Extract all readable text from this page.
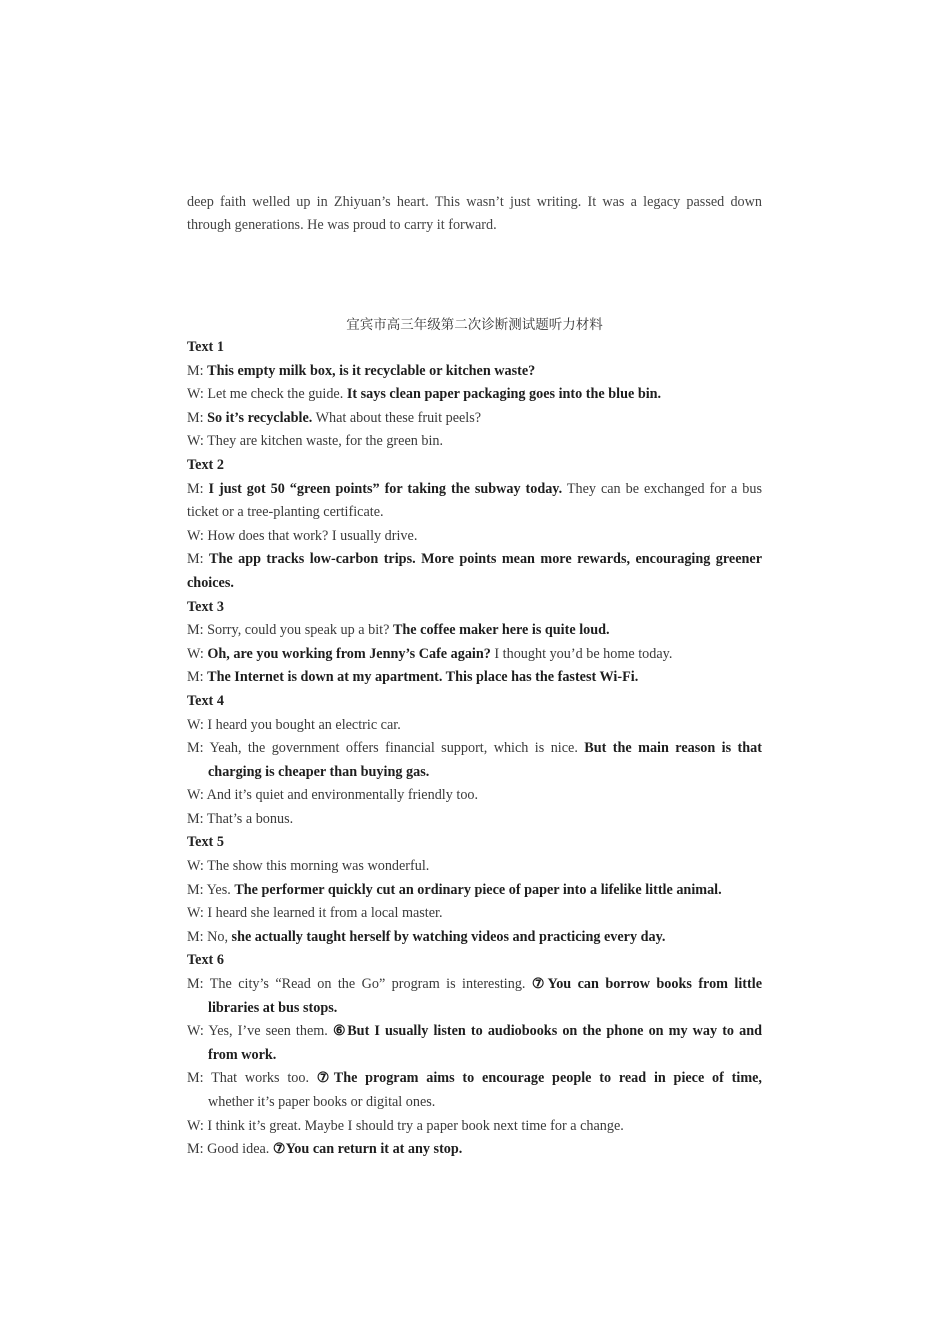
deep faith welled up in Zhiyuan’s heart. This wasn’t just writing. It was a legacy passed down
through generations. He was proud to carry it forward.
宜宾市高三年级第二次诊断测试题听力材料
Text 1
M: This empty milk box, is it recyclable or kitchen waste?
W: Let me check the guide. It says clean paper packaging goes into the blue bin.
M: So it’s recyclable. What about these fruit peels?
W: They are kitchen waste, for the green bin.
Text 2
M: I just got 50 “green points” for taking the subway today. They can be exchanged for a bus
ticket or a tree-planting certificate.
W: How does that work? I usually drive.
M: The app tracks low-carbon trips. More points mean more rewards, encouraging greener
choices.
Text 3
M: Sorry, could you speak up a bit? The coffee maker here is quite loud.
W: Oh, are you working from Jenny’s Cafe again? I thought you’d be home today.
M: The Internet is down at my apartment. This place has the fastest Wi-Fi.
Text 4
W: I heard you bought an electric car.
M: Yeah, the government offers financial support, which is nice. But the main reason is that
charging is cheaper than buying gas.
W: And it’s quiet and environmentally friendly too.
M: That’s a bonus.
Text 5
W: The show this morning was wonderful.
M: Yes. The performer quickly cut an ordinary piece of paper into a lifelike little animal.
W: I heard she learned it from a local master.
M: No, she actually taught herself by watching videos and practicing every day.
Text 6
M: The city’s “Read on the Go” program is interesting. ⑦You can borrow books from little
libraries at bus stops.
W: Yes, I’ve seen them. ⑥But I usually listen to audiobooks on the phone on my way to and
from work.
M: That works too. ⑦The program aims to encourage people to read in piece of time,
whether it’s paper books or digital ones.
W: I think it’s great. Maybe I should try a paper book next time for a change.
M: Good idea. ⑦You can return it at any stop.
